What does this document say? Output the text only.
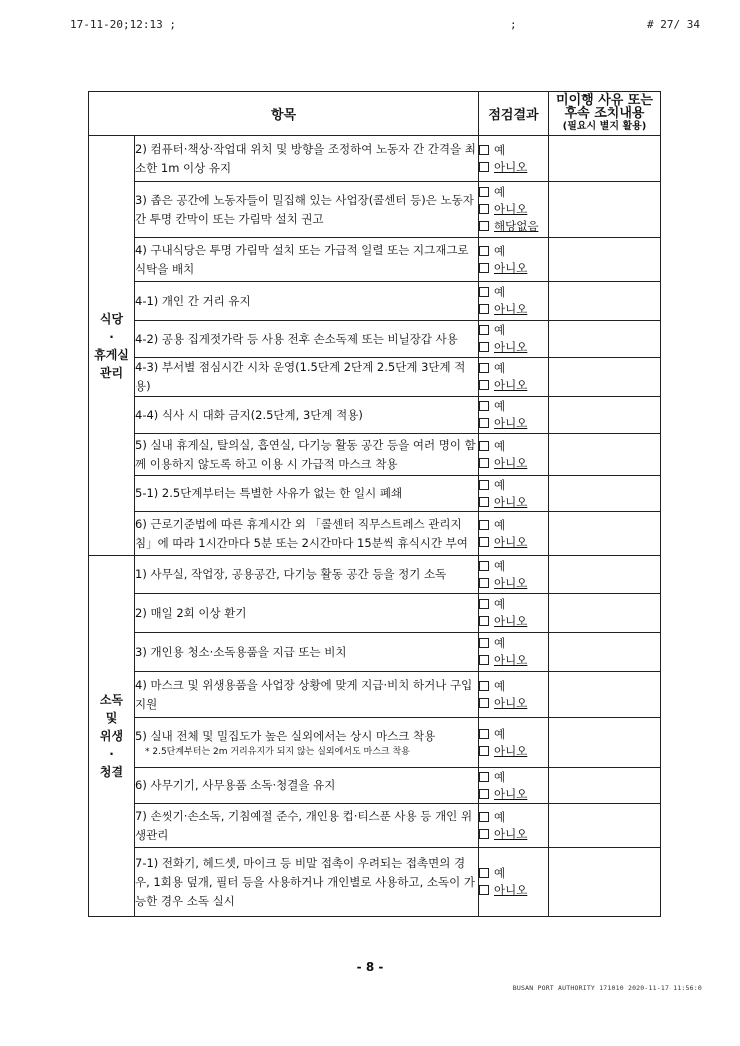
17-11-20;12:13 ;	;	# 27/ 34
항목		점검결과	미이행 사유 또는
후속 조치내용
(필요시 별지 활용)

식당
·
휴게실
관리	2) 컴퓨터·책상·작업대 위치 및 방향을 조정하여 노동자 간 간격을 최소한 1m 이상 유지	예
아니오	

	3) 좁은 공간에 노동자들이 밀집해 있는 사업장(콜센터 등)은 노동자 간 투명 칸막이 또는 가림막 설치 권고	예
아니오
해당없음	

	4) 구내식당은 투명 가림막 설치 또는 가급적 일렬 또는 지그재그로 식탁을 배치	예
아니오	

	4-1) 개인 간 거리 유지	예
아니오	

	4-2) 공용 집게젓가락 등 사용 전후 손소독제 또는 비닐장갑 사용	예
아니오	

	4-3) 부서별 점심시간 시차 운영(1.5단계 2단계 2.5단계 3단계 적용)	예
아니오	

	4-4) 식사 시 대화 금지(2.5단계, 3단계 적용)	예
아니오	

	5) 실내 휴게실, 탈의실, 흡연실, 다기능 활동 공간 등을 여러 명이 함께 이용하지 않도록 하고 이용 시 가급적 마스크 착용	예
아니오	

	5-1) 2.5단계부터는 특별한 사유가 없는 한 일시 폐쇄	예
아니오	

	6) 근로기준법에 따른 휴게시간 외 「콜센터 직무스트레스 관리지침」에 따라 1시간마다 5분 또는 2시간마다 15분씩 휴식시간 부여	예
아니오	

소독
및
위생
·
청결	1) 사무실, 작업장, 공용공간, 다기능 활동 공간 등을 정기 소독	예
아니오	

	2) 매일 2회 이상 환기	예
아니오	

	3) 개인용 청소·소독용품을 지급 또는 비치	예
아니오	

	4) 마스크 및 위생용품을 사업장 상황에 맞게 지급·비치 하거나 구입 지원	예
아니오	

	5) 실내 전체 및 밀집도가 높은 실외에서는 상시 마스크 착용
* 2.5단계부터는 2m 거리유지가 되지 않는 실외에서도 마스크 착용	예
아니오	

	6) 사무기기, 사무용품 소독·청결을 유지	예
아니오	

	7) 손씻기·손소독, 기침예절 준수, 개인용 컵·티스푼 사용 등 개인 위생관리	예
아니오	

	7-1) 전화기, 헤드셋, 마이크 등 비말 접촉이 우려되는 접촉면의 경우, 1회용 덮개, 필터 등을 사용하거나 개인별로 사용하고, 소독이 가능한 경우 소독 실시	예
아니오	

- 8 -
BUSAN PORT AUTHORITY 171010 2020-11-17 11:56:0
